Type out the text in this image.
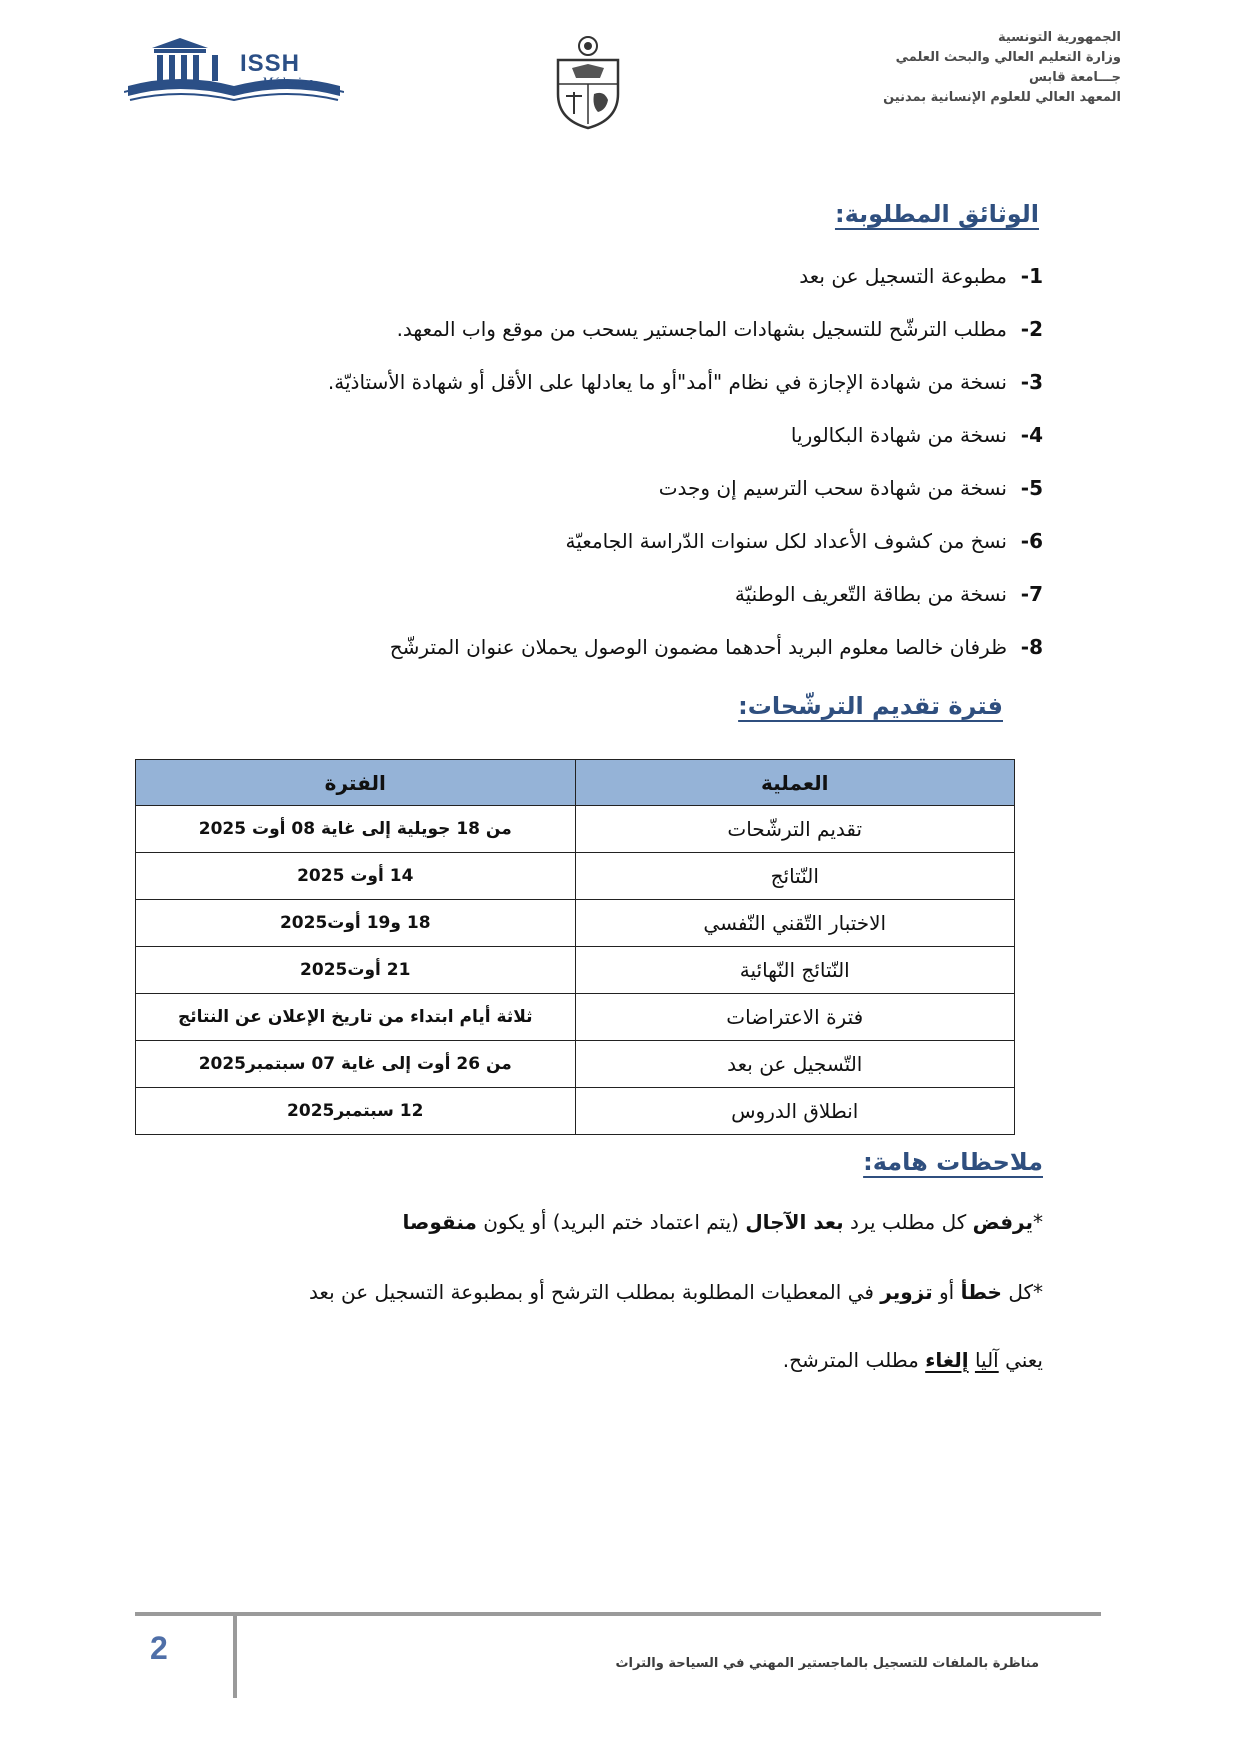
الجمهورية التونسية
وزارة التعليم العالي والبحث العلمي
جـــامعة قابس
المعهد العالي للعلوم الإنسانية بمدنين
ISSH
Médenine
الوثائق المطلوبة:
1-مطبوعة التسجيل عن بعد
2-مطلب الترشّح للتسجيل بشهادات الماجستير يسحب من موقع واب المعهد.
3-نسخة من شهادة الإجازة في نظام "أمد"أو ما يعادلها على الأقل أو شهادة الأستاذيّة.
4-نسخة من شهادة البكالوريا
5-نسخة من شهادة سحب الترسيم إن وجدت
6-نسخ من كشوف الأعداد لكل سنوات الدّراسة الجامعيّة
7-نسخة من بطاقة التّعريف الوطنيّة
8-ظرفان خالصا معلوم البريد أحدهما مضمون الوصول يحملان عنوان المترشّح
فترة تقديم الترشّحات:
العملية	الفترة
تقديم الترشّحات	من 18 جويلية إلى غاية 08 أوت 2025
النّتائج	14 أوت 2025
الاختبار التّقني النّفسي	18 و19 أوت2025
النّتائج النّهائية	21 أوت2025
فترة الاعتراضات	ثلاثة أيام ابتداء من تاريخ الإعلان عن النتائج
التّسجيل عن بعد	من 26 أوت إلى غاية 07 سبتمبر2025
انطلاق الدروس	12 سبتمبر2025
ملاحظات هامة:
*يرفض كل مطلب يرد بعد الآجال (يتم اعتماد ختم البريد) أو يكون منقوصا
*كل خطأ أو تزوير في المعطيات المطلوبة بمطلب الترشح أو بمطبوعة التسجيل عن بعد
يعني آليا إلغاء مطلب المترشح.
2	مناظرة بالملفات للتسجيل بالماجستير المهني في السياحة والتراث
